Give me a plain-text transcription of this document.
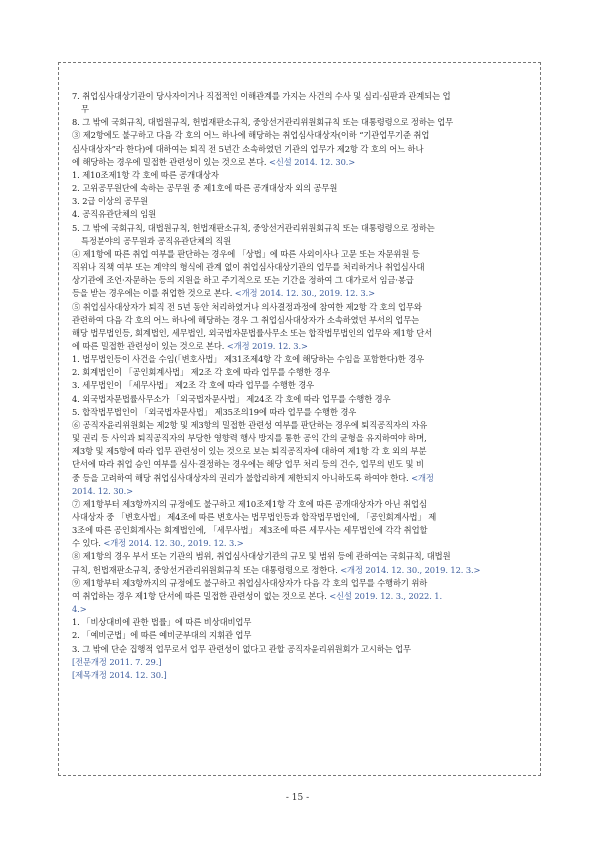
7. 취업심사대상기관이 당사자이거나 직접적인 이해관계를 가지는 사건의 수사 및 심리·심판과 관계되는 업
무
8. 그 밖에 국회규칙, 대법원규칙, 헌법재판소규칙, 중앙선거관리위원회규칙 또는 대통령령으로 정하는 업무
③ 제2항에도 불구하고 다음 각 호의 어느 하나에 해당하는 취업심사대상자(이하 “기관업무기준 취업
심사대상자”라 한다)에 대하여는 퇴직 전 5년간 소속하였던 기관의 업무가 제2항 각 호의 어느 하나
에 해당하는 경우에 밀접한 관련성이 있는 것으로 본다. <신설 2014. 12. 30.>
1. 제10조제1항 각 호에 따른 공개대상자
2. 고위공무원단에 속하는 공무원 중 제1호에 따른 공개대상자 외의 공무원
3. 2급 이상의 공무원
4. 공직유관단체의 임원
5. 그 밖에 국회규칙, 대법원규칙, 헌법재판소규칙, 중앙선거관리위원회규칙 또는 대통령령으로 정하는
특정분야의 공무원과 공직유관단체의 직원
④ 제1항에 따른 취업 여부를 판단하는 경우에 「상법」에 따른 사외이사나 고문 또는 자문위원 등
직위나 직책 여부 또는 계약의 형식에 관계 없이 취업심사대상기관의 업무를 처리하거나 취업심사대
상기관에 조언·자문하는 등의 지원을 하고 주기적으로 또는 기간을 정하여 그 대가로서 임금·봉급
등을 받는 경우에는 이를 취업한 것으로 본다. <개정 2014. 12. 30., 2019. 12. 3.>
⑤ 취업심사대상자가 퇴직 전 5년 동안 처리하였거나 의사결정과정에 참여한 제2항 각 호의 업무와
관련하여 다음 각 호의 어느 하나에 해당하는 경우 그 취업심사대상자가 소속하였던 부서의 업무는
해당 법무법인등, 회계법인, 세무법인, 외국법자문법률사무소 또는 합작법무법인의 업무와 제1항 단서
에 따른 밀접한 관련성이 있는 것으로 본다. <개정 2019. 12. 3.>
1. 법무법인등이 사건을 수임(「변호사법」 제31조제4항 각 호에 해당하는 수임을 포함한다)한 경우
2. 회계법인이 「공인회계사법」 제2조 각 호에 따라 업무를 수행한 경우
3. 세무법인이 「세무사법」 제2조 각 호에 따라 업무를 수행한 경우
4. 외국법자문법률사무소가 「외국법자문사법」 제24조 각 호에 따라 업무를 수행한 경우
5. 합작법무법인이 「외국법자문사법」 제35조의19에 따라 업무를 수행한 경우
⑥ 공직자윤리위원회는 제2항 및 제3항의 밀접한 관련성 여부를 판단하는 경우에 퇴직공직자의 자유
및 권리 등 사익과 퇴직공직자의 부당한 영향력 행사 방지를 통한 공익 간의 균형을 유지하여야 하며,
제3항 및 제5항에 따라 업무 관련성이 있는 것으로 보는 퇴직공직자에 대하여 제1항 각 호 외의 부분
단서에 따라 취업 승인 여부를 심사·결정하는 경우에는 해당 업무 처리 등의 건수, 업무의 빈도 및 비
중 등을 고려하여 해당 취업심사대상자의 권리가 불합리하게 제한되지 아니하도록 하여야 한다. <개정
2014. 12. 30.>
⑦ 제1항부터 제3항까지의 규정에도 불구하고 제10조제1항 각 호에 따른 공개대상자가 아닌 취업심
사대상자 중 「변호사법」 제4조에 따른 변호사는 법무법인등과 합작법무법인에, 「공인회계사법」 제
3조에 따른 공인회계사는 회계법인에, 「세무사법」 제3조에 따른 세무사는 세무법인에 각각 취업할
수 있다. <개정 2014. 12. 30., 2019. 12. 3.>
⑧ 제1항의 경우 부서 또는 기관의 범위, 취업심사대상기관의 규모 및 범위 등에 관하여는 국회규칙, 대법원
규칙, 헌법재판소규칙, 중앙선거관리위원회규칙 또는 대통령령으로 정한다. <개정 2014. 12. 30., 2019. 12. 3.>
⑨ 제1항부터 제3항까지의 규정에도 불구하고 취업심사대상자가 다음 각 호의 업무를 수행하기 위하
여 취업하는 경우 제1항 단서에 따른 밀접한 관련성이 없는 것으로 본다. <신설 2019. 12. 3., 2022. 1.
4.>
1. 「비상대비에 관한 법률」에 따른 비상대비업무
2. 「예비군법」에 따른 예비군부대의 지휘관 업무
3. 그 밖에 단순 집행적 업무로서 업무 관련성이 없다고 관할 공직자윤리위원회가 고시하는 업무
[전문개정 2011. 7. 29.]
[제목개정 2014. 12. 30.]
- 15 -
